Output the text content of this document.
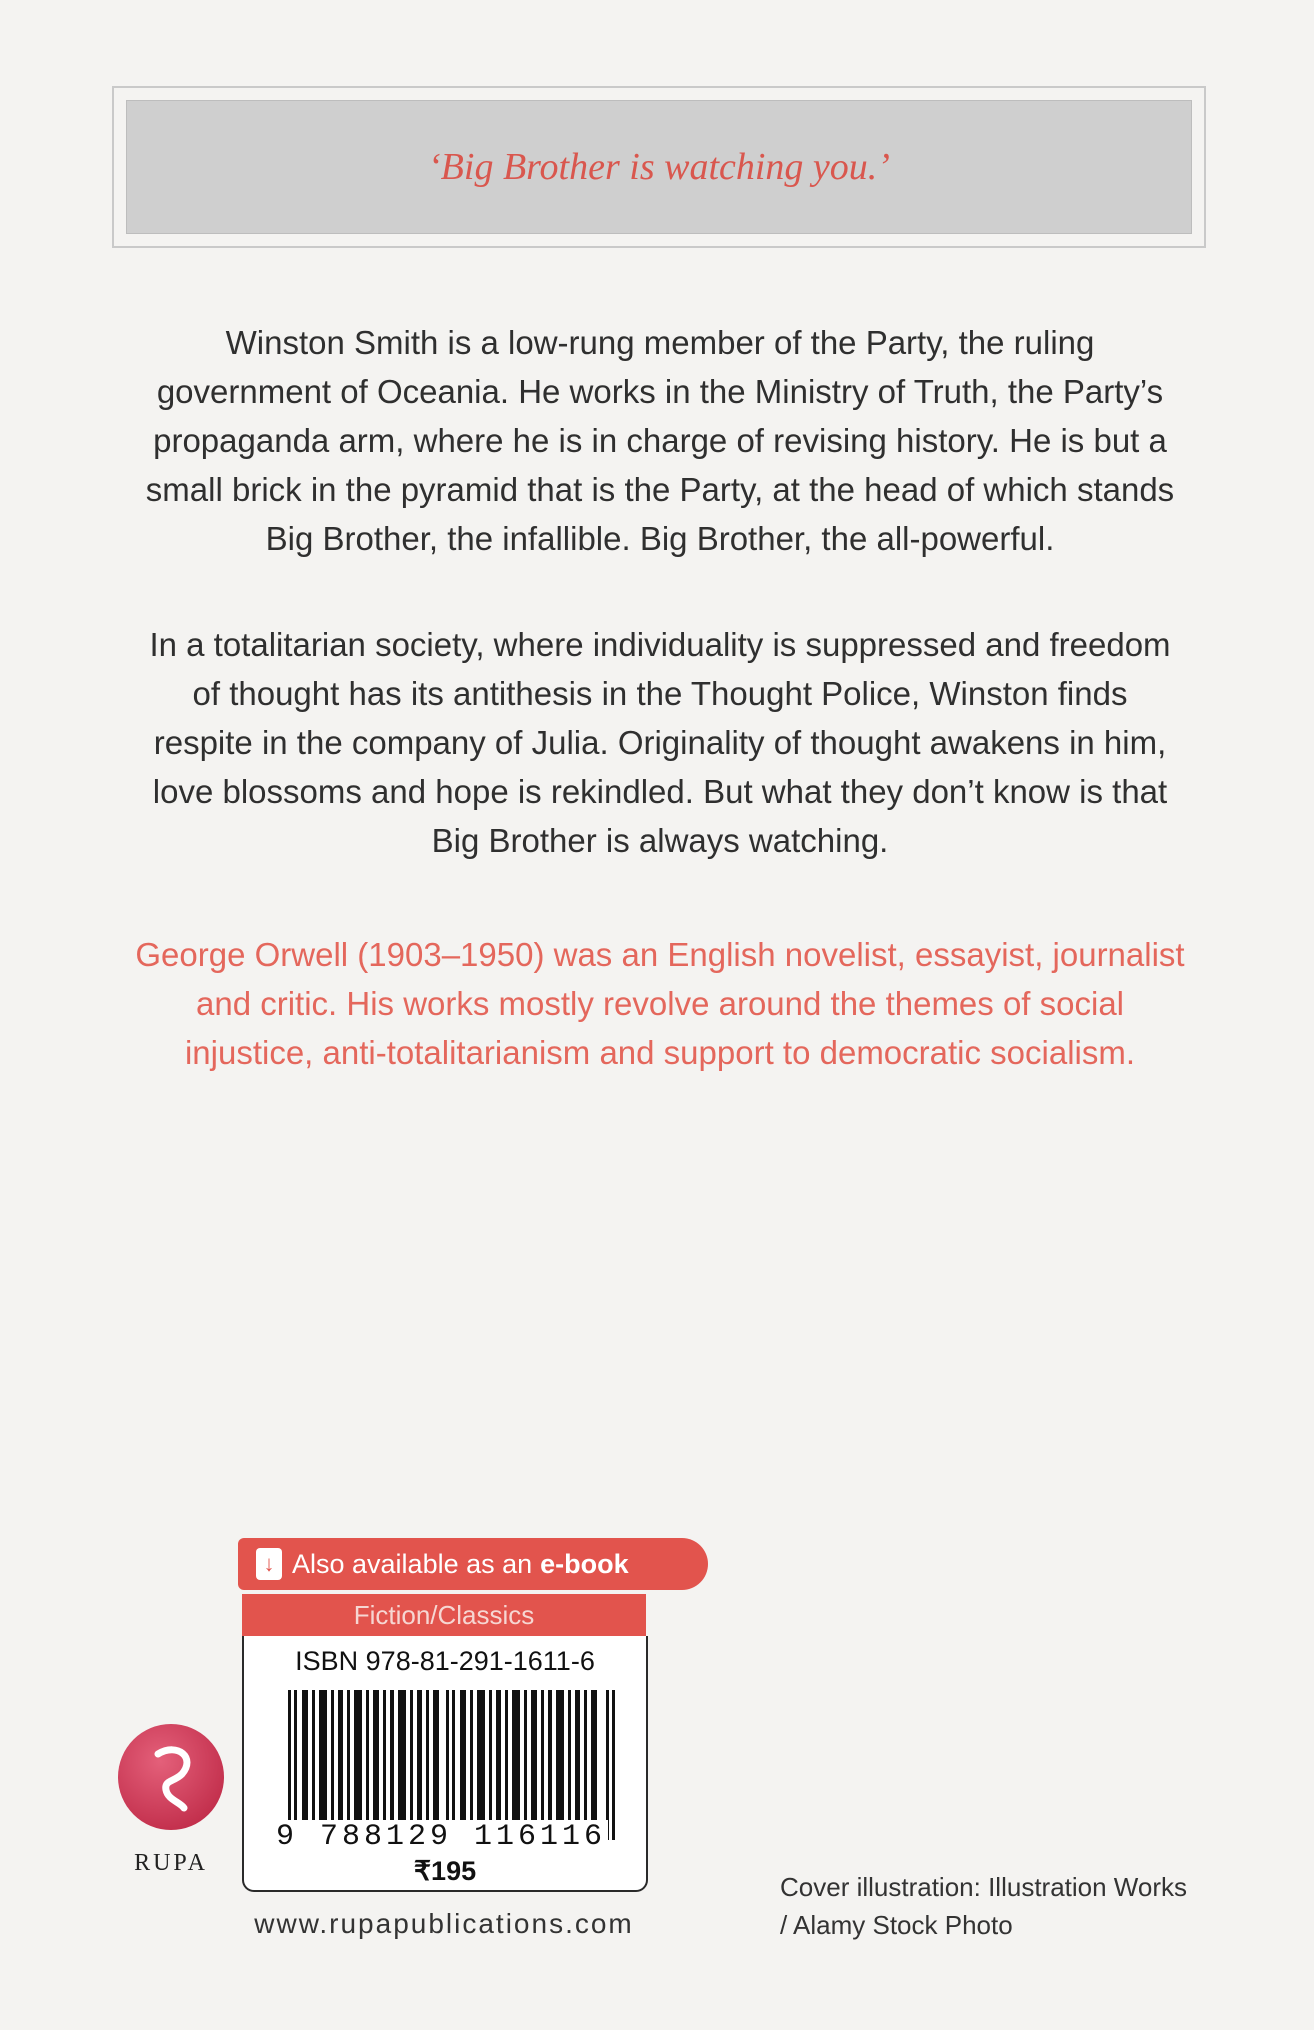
‘Big Brother is watching you.’

Winston Smith is a low-rung member of the Party, the ruling

government of Oceania. He works in the Ministry of Truth, the Party’s

propaganda arm, where he is in charge of revising history. He is but a

small brick in the pyramid that is the Party, at the head of which stands

Big Brother, the infallible. Big Brother, the all-powerful.

In a totalitarian society, where individuality is suppressed and freedom

of thought has its antithesis in the Thought Police, Winston finds

respite in the company of Julia. Originality of thought awakens in him,

love blossoms and hope is rekindled. But what they don’t know is that

Big Brother is always watching.

George Orwell (1903–1950) was an English novelist, essayist, journalist

and critic. His works mostly revolve around the themes of social

injustice, anti-totalitarianism and support to democratic socialism.

↓ Also available as an e-book
Fiction/Classics
ISBN 978-81-291-1611-6
9 788129 116116
₹195
www.rupapublications.com
RUPA
Cover illustration: Illustration Works
/ Alamy Stock Photo
